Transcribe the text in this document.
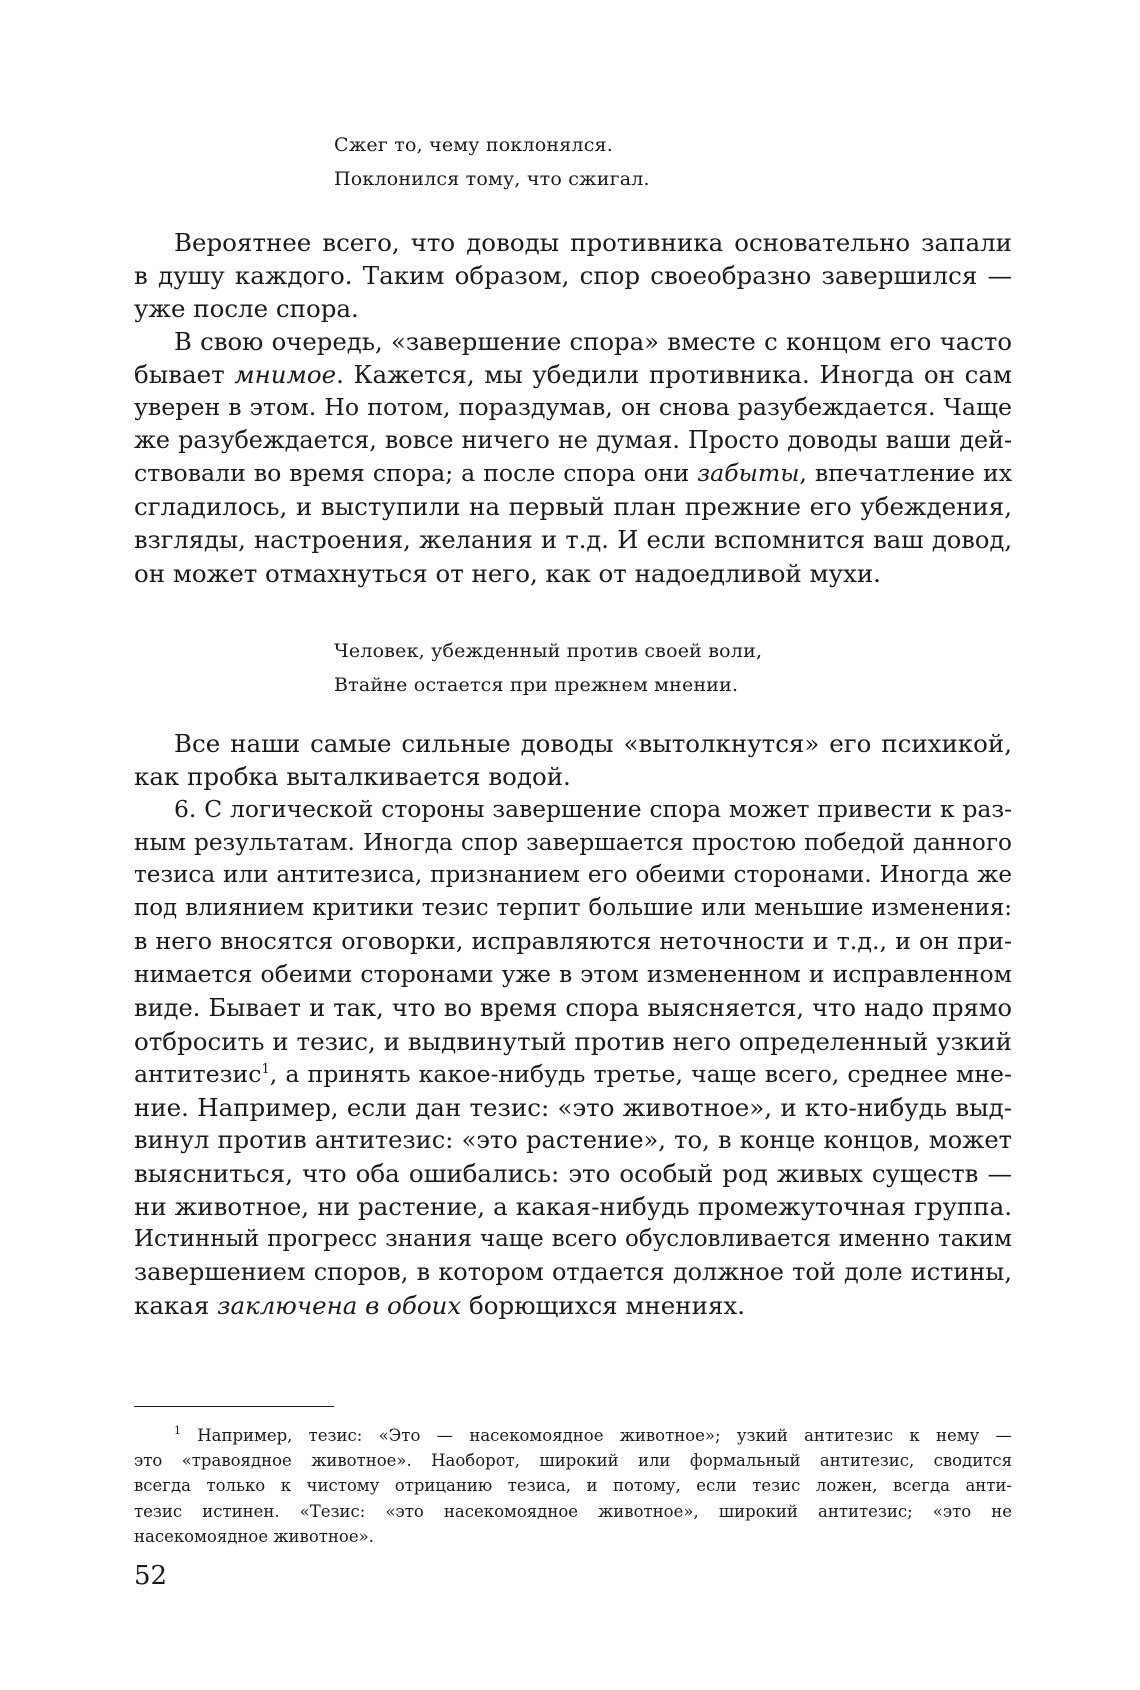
Сжег то, чему поклонялся.
Поклонился тому, что сжигал.
Вероятнее всего, что доводы противника основательно запали
в душу каждого. Таким образом, спор своеобразно завершился —
уже после спора.
В свою очередь, «завершение спора» вместе с концом его часто
бывает мнимое. Кажется, мы убедили противника. Иногда он сам
уверен в этом. Но потом, пораздумав, он снова разубеждается. Чаще
же разубеждается, вовсе ничего не думая. Просто доводы ваши дей-
ствовали во время спора; а после спора они забыты, впечатление их
сгладилось, и выступили на первый план прежние его убеждения,
взгляды, настроения, желания и т.д. И если вспомнится ваш довод,
он может отмахнуться от него, как от надоедливой мухи.
Человек, убежденный против своей воли,
Втайне остается при прежнем мнении.
Все наши самые сильные доводы «вытолкнутся» его психикой,
как пробка выталкивается водой.
6. С логической стороны завершение спора может привести к раз-
ным результатам. Иногда спор завершается простою победой данного
тезиса или антитезиса, признанием его обеими сторонами. Иногда же
под влиянием критики тезис терпит большие или меньшие изменения:
в него вносятся оговорки, исправляются неточности и т.д., и он при-
нимается обеими сторонами уже в этом измененном и исправленном
виде. Бывает и так, что во время спора выясняется, что надо прямо
отбросить и тезис, и выдвинутый против него определенный узкий
антитезис$^1$, а принять какое-нибудь третье, чаще всего, среднее мне-
ние. Например, если дан тезис: «это животное», и кто-нибудь выд-
винул против антитезис: «это растение», то, в конце концов, может
выясниться, что оба ошибались: это особый род живых существ —
ни животное, ни растение, а какая-нибудь промежуточная группа.
Истинный прогресс знания чаще всего обусловливается именно таким
завершением споров, в котором отдается должное той доле истины,
какая заключена в обоих борющихся мнениях.
$^1$ Например, тезис: «Это — насекомоядное животное»; узкий антитезис к нему —
это «травоядное животное». Наоборот, широкий или формальный антитезис, сводится
всегда только к чистому отрицанию тезиса, и потому, если тезис ложен, всегда анти-
тезис истинен. «Тезис: «это насекомоядное животное», широкий антитезис; «это не
насекомоядное животное».
52
